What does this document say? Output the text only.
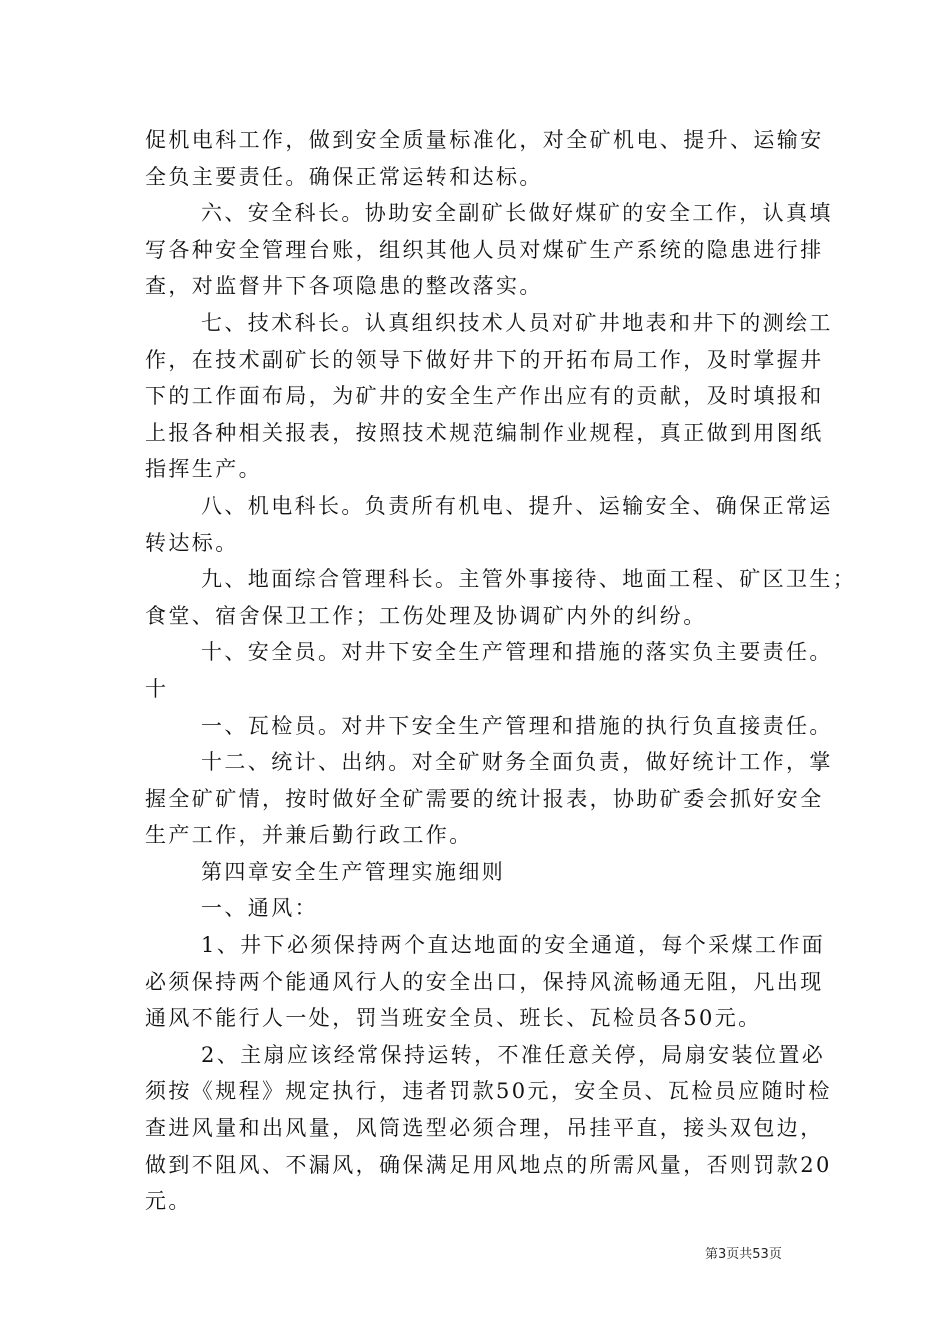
促机电科工作，做到安全质量标准化，对全矿机电、提升、运输安
全负主要责任。确保正常运转和达标。
六、安全科长。协助安全副矿长做好煤矿的安全工作，认真填
写各种安全管理台账，组织其他人员对煤矿生产系统的隐患进行排
查，对监督井下各项隐患的整改落实。
七、技术科长。认真组织技术人员对矿井地表和井下的测绘工
作，在技术副矿长的领导下做好井下的开拓布局工作，及时掌握井
下的工作面布局，为矿井的安全生产作出应有的贡献，及时填报和
上报各种相关报表，按照技术规范编制作业规程，真正做到用图纸
指挥生产。
八、机电科长。负责所有机电、提升、运输安全、确保正常运
转达标。
九、地面综合管理科长。主管外事接待、地面工程、矿区卫生；
食堂、宿舍保卫工作；工伤处理及协调矿内外的纠纷。
十、安全员。对井下安全生产管理和措施的落实负主要责任。
十
一、瓦检员。对井下安全生产管理和措施的执行负直接责任。
十二、统计、出纳。对全矿财务全面负责，做好统计工作，掌
握全矿矿情，按时做好全矿需要的统计报表，协助矿委会抓好安全
生产工作，并兼后勤行政工作。
第四章安全生产管理实施细则
一、通风：
1、井下必须保持两个直达地面的安全通道，每个采煤工作面
必须保持两个能通风行人的安全出口，保持风流畅通无阻，凡出现
通风不能行人一处，罚当班安全员、班长、瓦检员各50元。
2、主扇应该经常保持运转，不准任意关停，局扇安装位置必
须按《规程》规定执行，违者罚款50元，安全员、瓦检员应随时检
查进风量和出风量，风筒选型必须合理，吊挂平直，接头双包边，
做到不阻风、不漏风，确保满足用风地点的所需风量，否则罚款20
元。
第3页共53页
